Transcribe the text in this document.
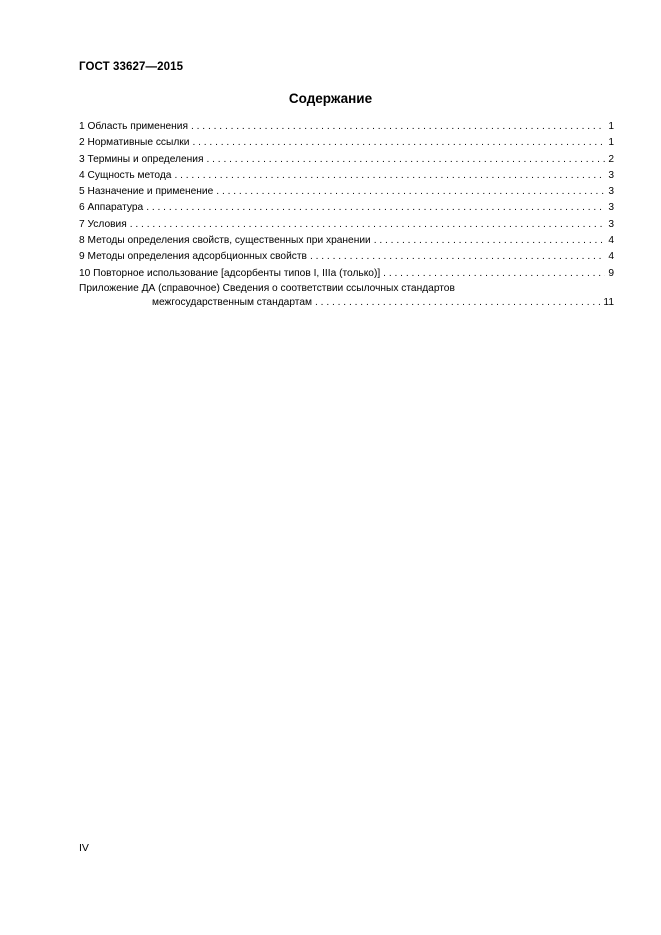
ГОСТ 33627—2015
Содержание
1 Область применения . . .	1
2 Нормативные ссылки . . .	1
3 Термины и определения . . .	2
4 Сущность метода . . .	3
5 Назначение и применение . . .	3
6 Аппаратура . . .	3
7 Условия . . .	3
8 Методы определения свойств, существенных при хранении . . .	4
9 Методы определения адсорбционных свойств . . .	4
10 Повторное использование [адсорбенты типов I, IIIa (только)] . . .	9
Приложение ДА (справочное) Сведения о соответствии ссылочных стандартов
межгосударственным стандартам . . .	11
IV
